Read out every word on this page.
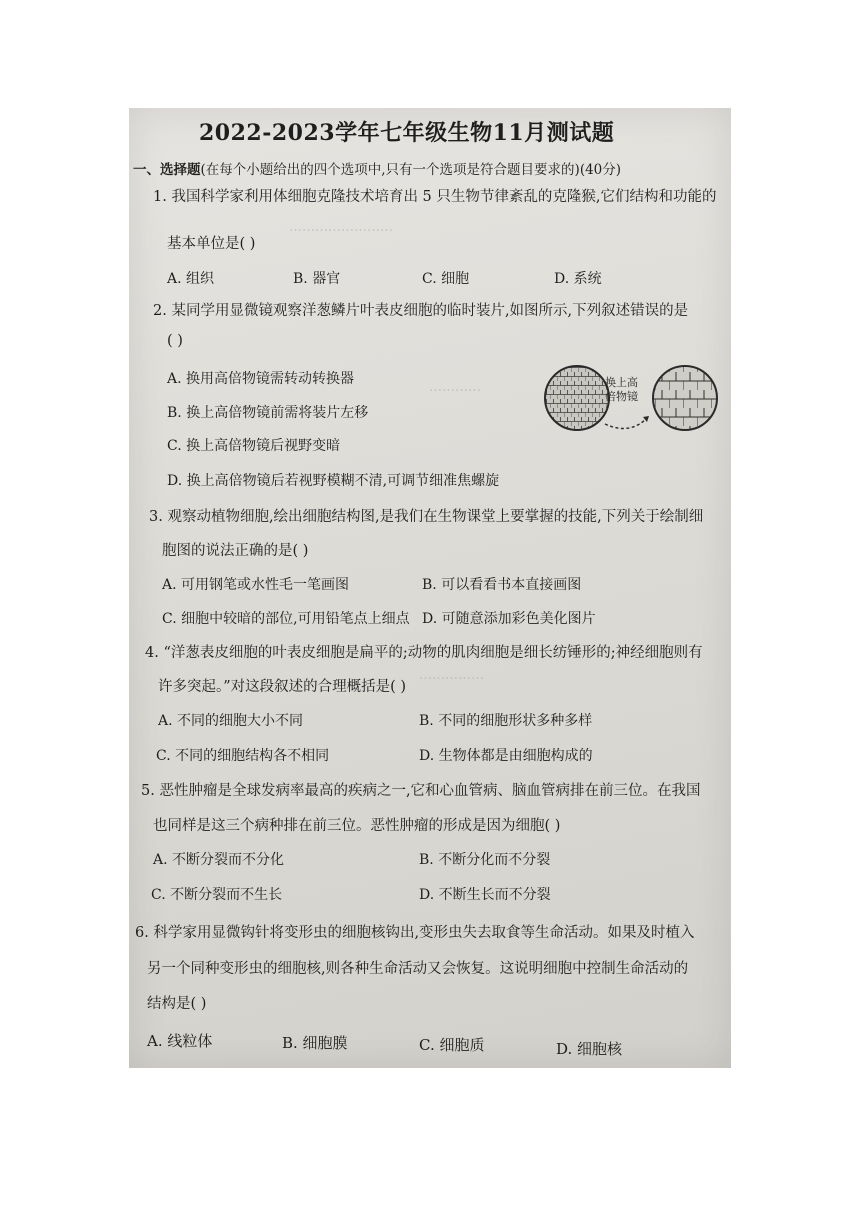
……………………
…………
……………
2022-2023学年七年级生物11月测试题
一、选择题(在每个小题给出的四个选项中,只有一个选项是符合题目要求的)(40分)
1. 我国科学家利用体细胞克隆技术培育出 5 只生物节律紊乱的克隆猴,它们结构和功能的
基本单位是( )
A. 组织	B. 器官	C. 细胞	D. 系统
2. 某同学用显微镜观察洋葱鳞片叶表皮细胞的临时装片,如图所示,下列叙述错误的是
( )
A. 换用高倍物镜需转动转换器
B. 换上高倍物镜前需将装片左移
C. 换上高倍物镜后视野变暗
D. 换上高倍物镜后若视野模糊不清,可调节细准焦螺旋
换上高
倍物镜
3. 观察动植物细胞,绘出细胞结构图,是我们在生物课堂上要掌握的技能,下列关于绘制细
胞图的说法正确的是( )
A. 可用钢笔或水性毛一笔画图	B. 可以看看书本直接画图
C. 细胞中较暗的部位,可用铅笔点上细点 D. 可随意添加彩色美化图片
4. “洋葱表皮细胞的叶表皮细胞是扁平的;动物的肌肉细胞是细长纺锤形的;神经细胞则有
许多突起。”对这段叙述的合理概括是( )
A. 不同的细胞大小不同	B. 不同的细胞形状多种多样
C. 不同的细胞结构各不相同	D. 生物体都是由细胞构成的
5. 恶性肿瘤是全球发病率最高的疾病之一,它和心血管病、脑血管病排在前三位。在我国
也同样是这三个病种排在前三位。恶性肿瘤的形成是因为细胞( )
A. 不断分裂而不分化	B. 不断分化而不分裂
C. 不断分裂而不生长	D. 不断生长而不分裂
6. 科学家用显微钩针将变形虫的细胞核钩出,变形虫失去取食等生命活动。如果及时植入
另一个同种变形虫的细胞核,则各种生命活动又会恢复。这说明细胞中控制生命活动的
结构是( )
A. 线粒体	B. 细胞膜	C. 细胞质	D. 细胞核
